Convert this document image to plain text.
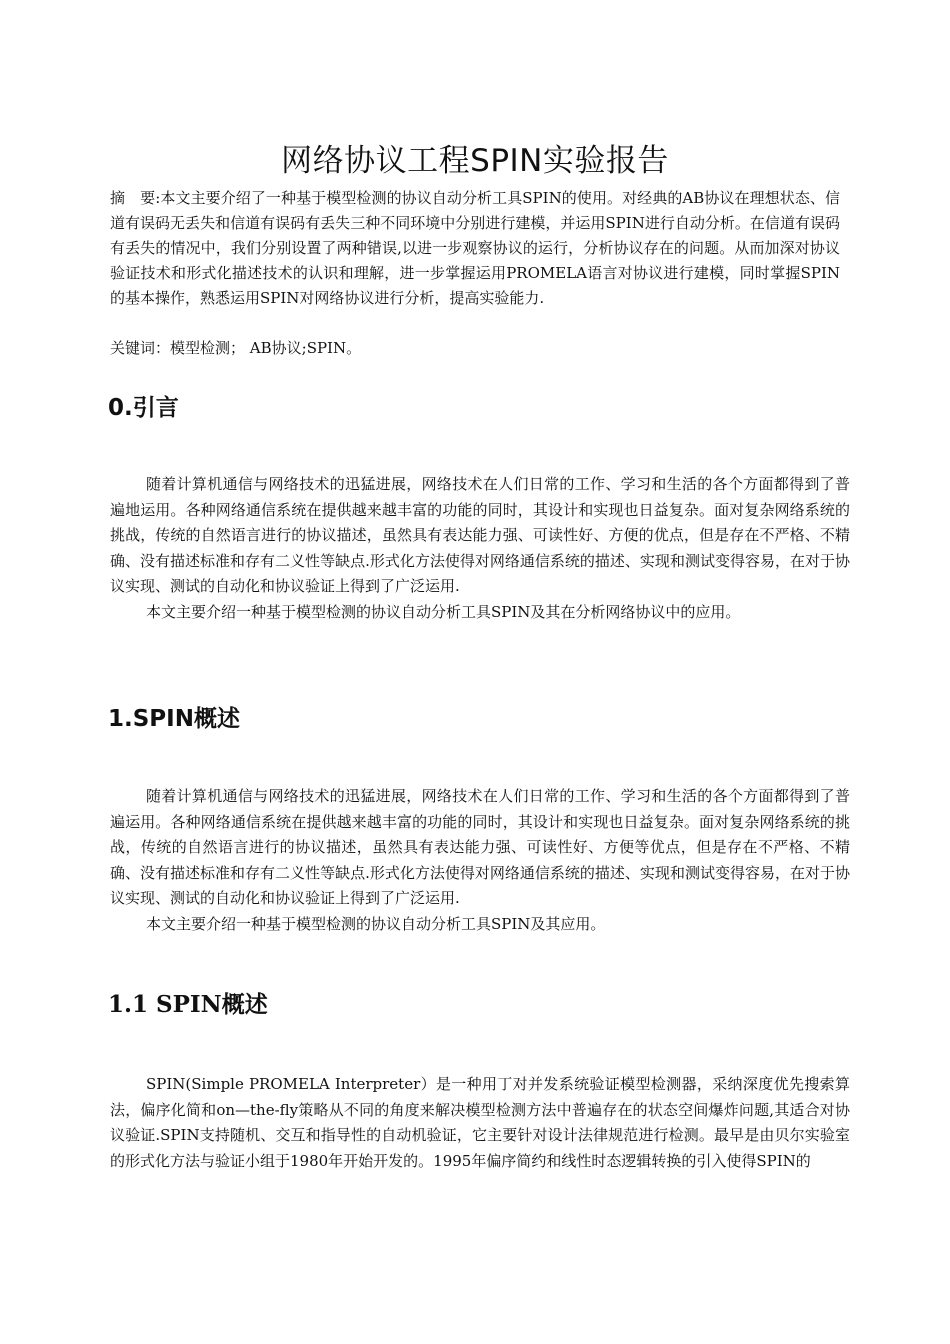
网络协议工程SPIN实验报告
摘　要:本文主要介绍了一种基于模型检测的协议自动分析工具SPIN的使用。对经典的AB协议在理想状态、信道有误码无丢失和信道有误码有丢失三种不同环境中分别进行建模，并运用SPIN进行自动分析。在信道有误码有丢失的情况中，我们分别设置了两种错误,以进一步观察协议的运行，分析协议存在的问题。从而加深对协议验证技术和形式化描述技术的认识和理解，进一步掌握运用PROMELA语言对协议进行建模，同时掌握SPIN的基本操作，熟悉运用SPIN对网络协议进行分析，提高实验能力.
关键词：模型检测； AB协议;SPIN。
0.引言

随着计算机通信与网络技术的迅猛进展，网络技术在人们日常的工作、学习和生活的各个方面都得到了普遍地运用。各种网络通信系统在提供越来越丰富的功能的同时，其设计和实现也日益复杂。面对复杂网络系统的挑战，传统的自然语言进行的协议描述，虽然具有表达能力强、可读性好、方便的优点，但是存在不严格、不精确、没有描述标准和存有二义性等缺点.形式化方法使得对网络通信系统的描述、实现和测试变得容易，在对于协议实现、测试的自动化和协议验证上得到了广泛运用.

本文主要介绍一种基于模型检测的协议自动分析工具SPIN及其在分析网络协议中的应用。

1.SPIN概述

随着计算机通信与网络技术的迅猛进展，网络技术在人们日常的工作、学习和生活的各个方面都得到了普遍运用。各种网络通信系统在提供越来越丰富的功能的同时，其设计和实现也日益复杂。面对复杂网络系统的挑战，传统的自然语言进行的协议描述，虽然具有表达能力强、可读性好、方便等优点，但是存在不严格、不精确、没有描述标准和存有二义性等缺点.形式化方法使得对网络通信系统的描述、实现和测试变得容易，在对于协议实现、测试的自动化和协议验证上得到了广泛运用.

本文主要介绍一种基于模型检测的协议自动分析工具SPIN及其应用。

1.1 SPIN概述

SPIN(Simple PROMELA Interpreter）是一种用丁对并发系统验证模型检测器，采纳深度优先搜索算法，偏序化简和on—the-fly策略从不同的角度来解决模型检测方法中普遍存在的状态空间爆炸问题,其适合对协议验证.SPIN支持随机、交互和指导性的自动机验证，它主要针对设计法律规范进行检测。最早是由贝尔实验室的形式化方法与验证小组于1980年开始开发的。1995年偏序简约和线性时态逻辑转换的引入使得SPIN的
